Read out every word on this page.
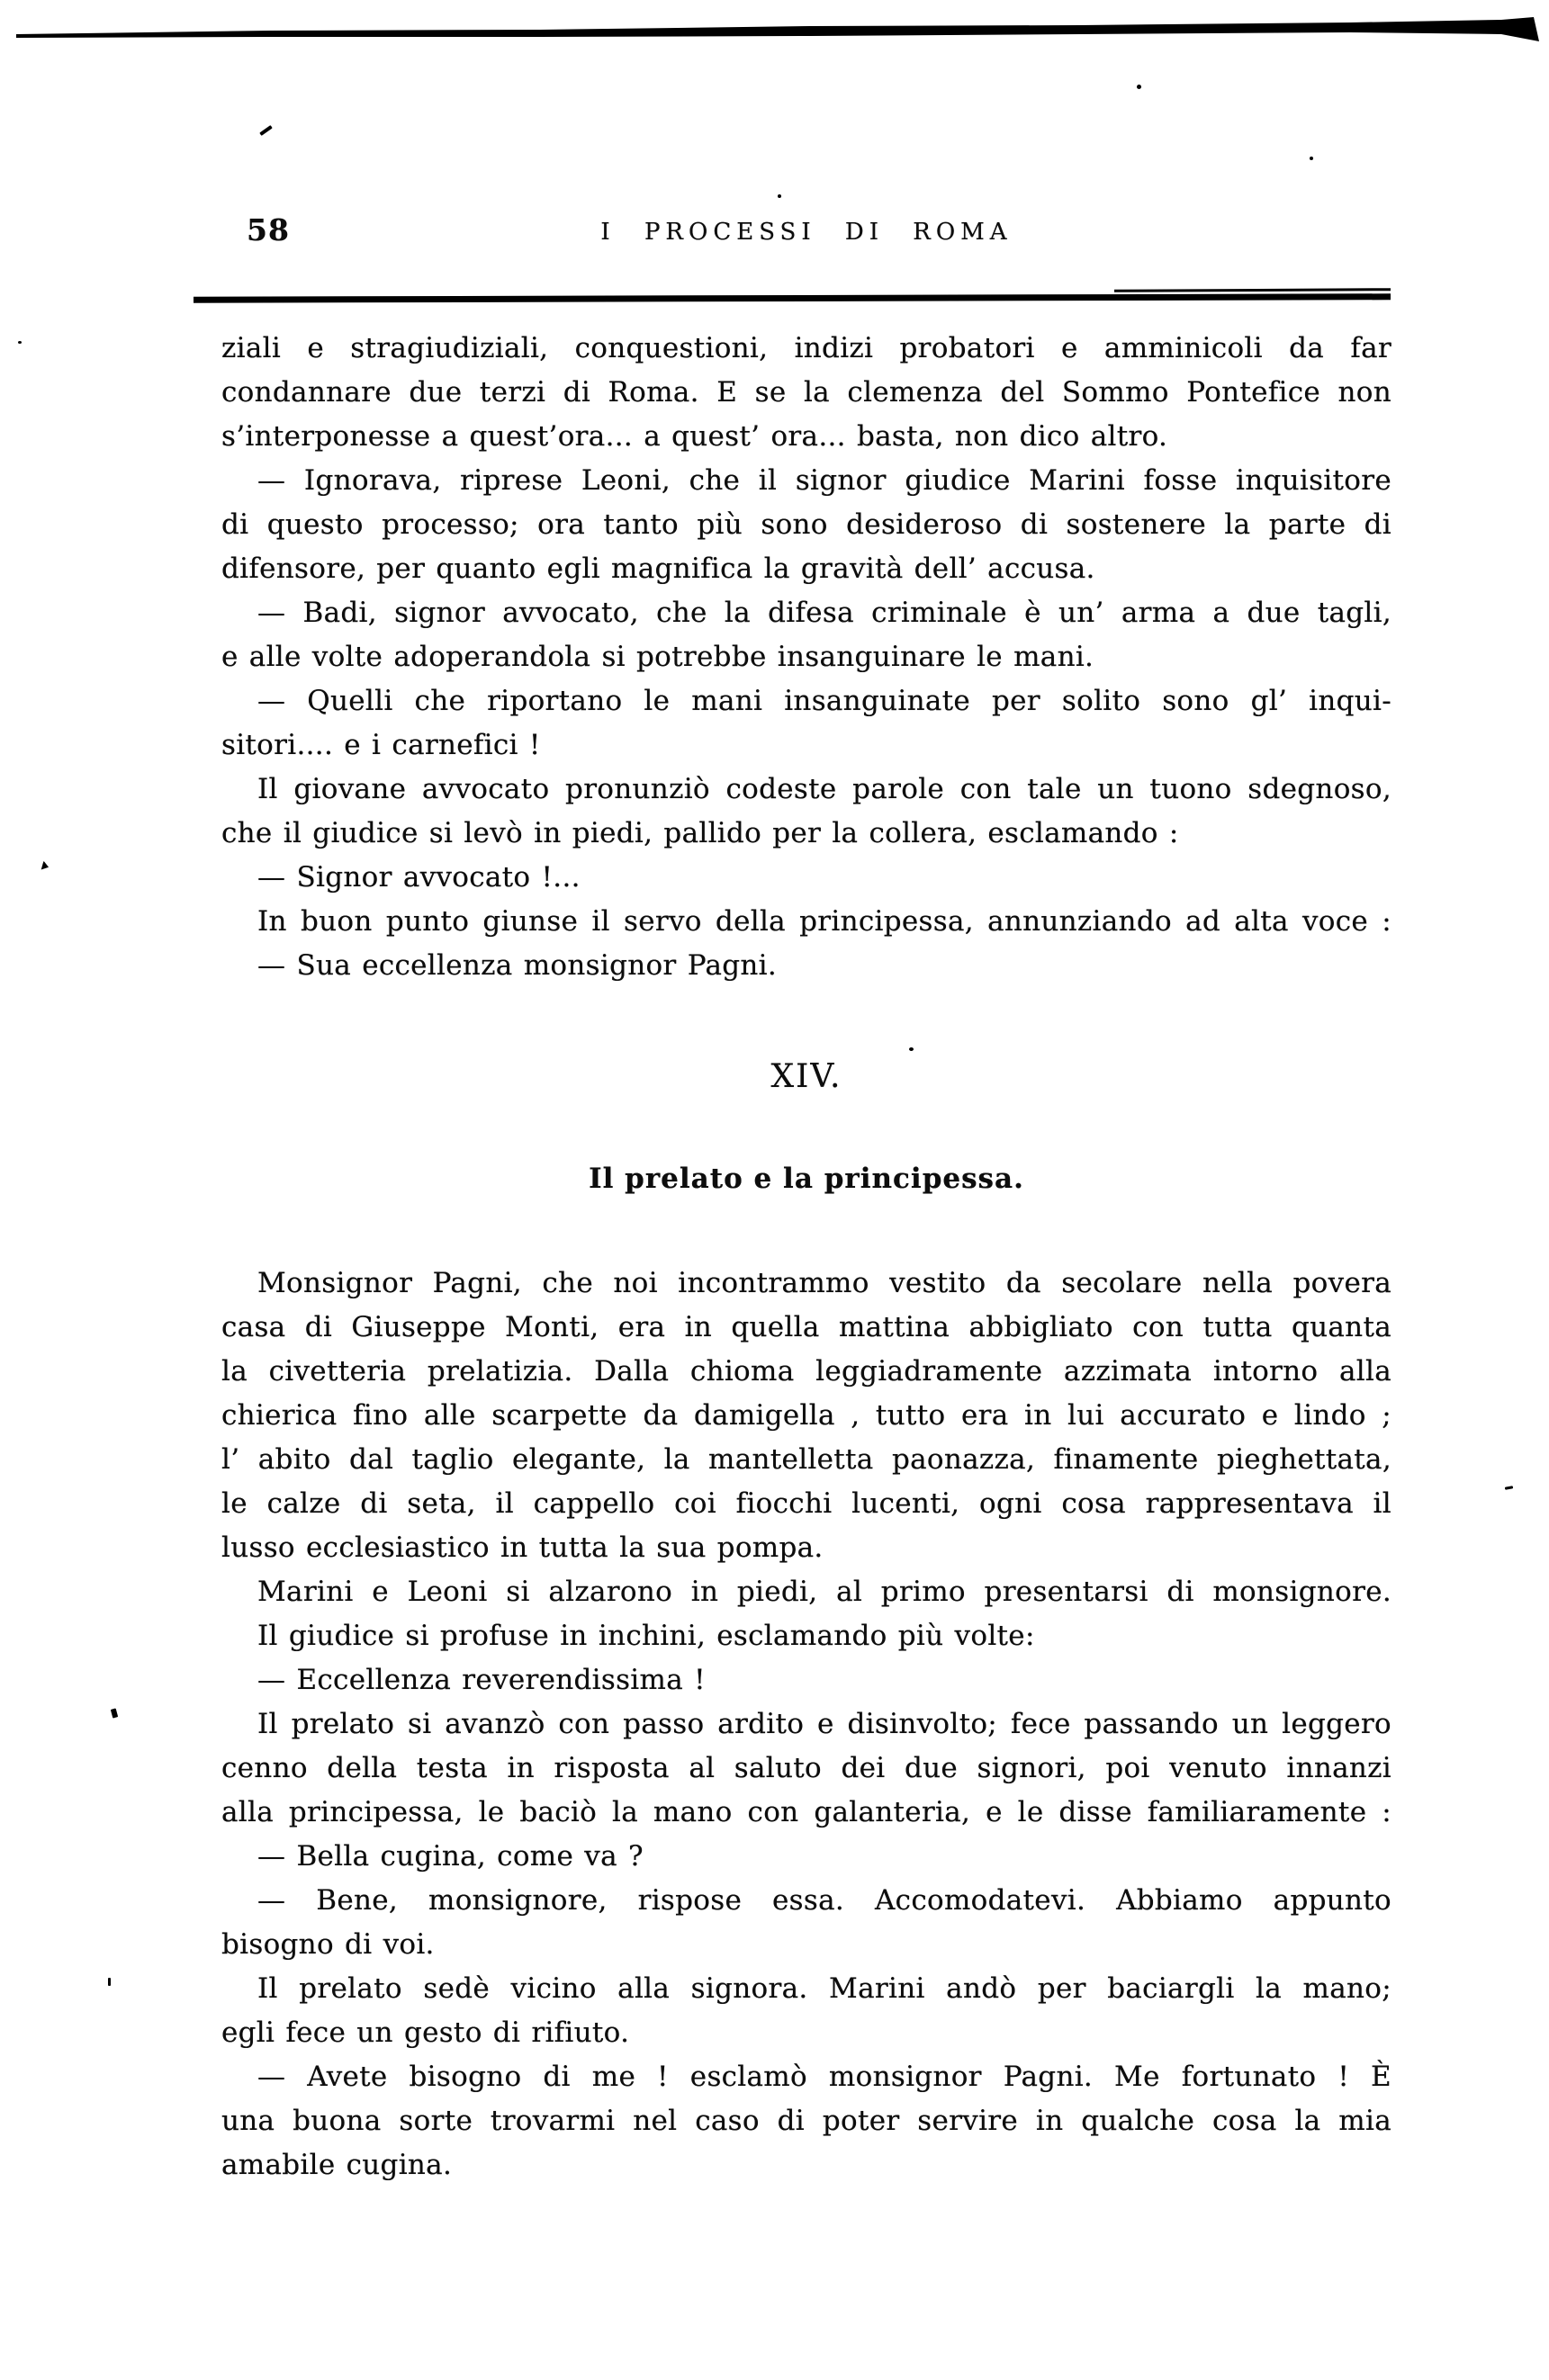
58	I PROCESSI DI ROMA
ziali e stragiudiziali, conquestioni, indizi probatori e amminicoli da far
condannare due terzi di Roma. E se la clemenza del Sommo Pontefice non
s’interponesse a quest’ora... a quest’ ora... basta, non dico altro.
— Ignorava, riprese Leoni, che il signor giudice Marini fosse inquisitore
di questo processo; ora tanto più sono desideroso di sostenere la parte di
difensore, per quanto egli magnifica la gravità dell’ accusa.
— Badi, signor avvocato, che la difesa criminale è un’ arma a due tagli,
e alle volte adoperandola si potrebbe insanguinare le mani.
— Quelli che riportano le mani insanguinate per solito sono gl’ inqui-
sitori.... e i carnefici !
Il giovane avvocato pronunziò codeste parole con tale un tuono sdegnoso,
che il giudice si levò in piedi, pallido per la collera, esclamando :
— Signor avvocato !...
In buon punto giunse il servo della principessa, annunziando ad alta voce :
— Sua eccellenza monsignor Pagni.
XIV.
Il prelato e la principessa.
Monsignor Pagni, che noi incontrammo vestito da secolare nella povera
casa di Giuseppe Monti, era in quella mattina abbigliato con tutta quanta
la civetteria prelatizia. Dalla chioma leggiadramente azzimata intorno alla
chierica fino alle scarpette da damigella , tutto era in lui accurato e lindo ;
l’ abito dal taglio elegante, la mantelletta paonazza, finamente pieghettata,
le calze di seta, il cappello coi fiocchi lucenti, ogni cosa rappresentava il
lusso ecclesiastico in tutta la sua pompa.
Marini e Leoni si alzarono in piedi, al primo presentarsi di monsignore.
Il giudice si profuse in inchini, esclamando più volte:
— Eccellenza reverendissima !
Il prelato si avanzò con passo ardito e disinvolto; fece passando un leggero
cenno della testa in risposta al saluto dei due signori, poi venuto innanzi
alla principessa, le baciò la mano con galanteria, e le disse familiaramente :
— Bella cugina, come va ?
— Bene, monsignore, rispose essa. Accomodatevi. Abbiamo appunto
bisogno di voi.
Il prelato sedè vicino alla signora. Marini andò per baciargli la mano;
egli fece un gesto di rifiuto.
— Avete bisogno di me ! esclamò monsignor Pagni. Me fortunato ! È
una buona sorte trovarmi nel caso di poter servire in qualche cosa la mia
amabile cugina.
